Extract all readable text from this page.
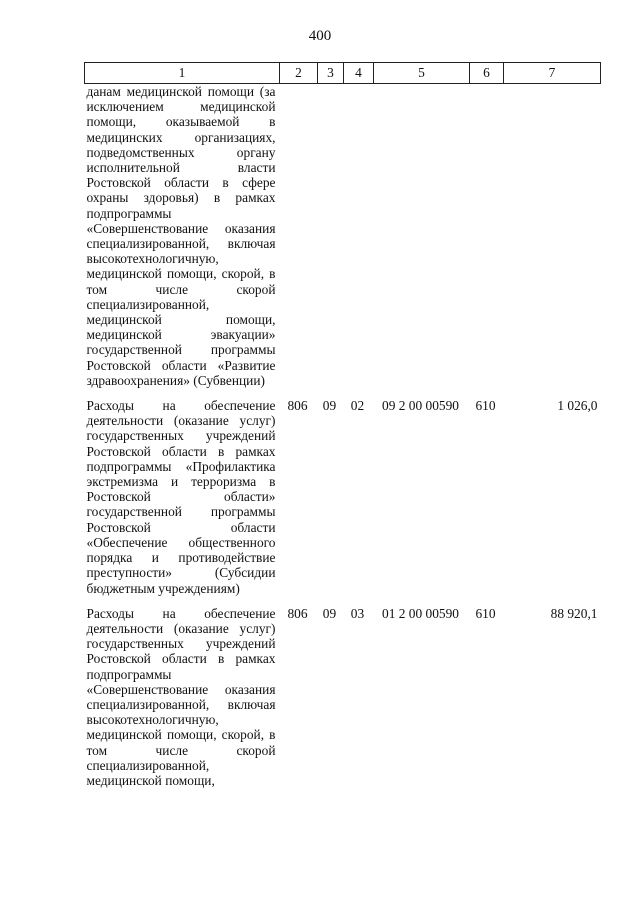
400
1	2	3	4	5	6	7
данам медицинской помощи (за исключением медицинской помощи, оказываемой в медицинских организациях, подведомственных органу исполнительной власти Ростовской области в сфере охраны здоровья) в рамках подпрограммы «Совершенствование оказания специализированной, включая высокотехнологичную, медицинской помощи, скорой, в том числе скорой специализированной, медицинской помощи, медицинской эвакуации» государственной программы Ростовской области «Развитие здравоохранения» (Субвенции)						

Расходы на обеспечение деятельности (оказание услуг) государственных учреждений Ростовской области в рамках подпрограммы «Профилактика экстремизма и терроризма в Ростовской области» государственной программы Ростовской области «Обеспечение общественного порядка и противодействие преступности» (Субсидии бюджетным учреждениям)	806	09	02	09 2 00 00590	610	1 026,0

Расходы на обеспечение деятельности (оказание услуг) государственных учреждений Ростовской области в рамках подпрограммы «Совершенствование оказания специализированной, включая высокотехнологичную, медицинской помощи, скорой, в том числе скорой специализированной, медицинской помощи,	806	09	03	01 2 00 00590	610	88 920,1
